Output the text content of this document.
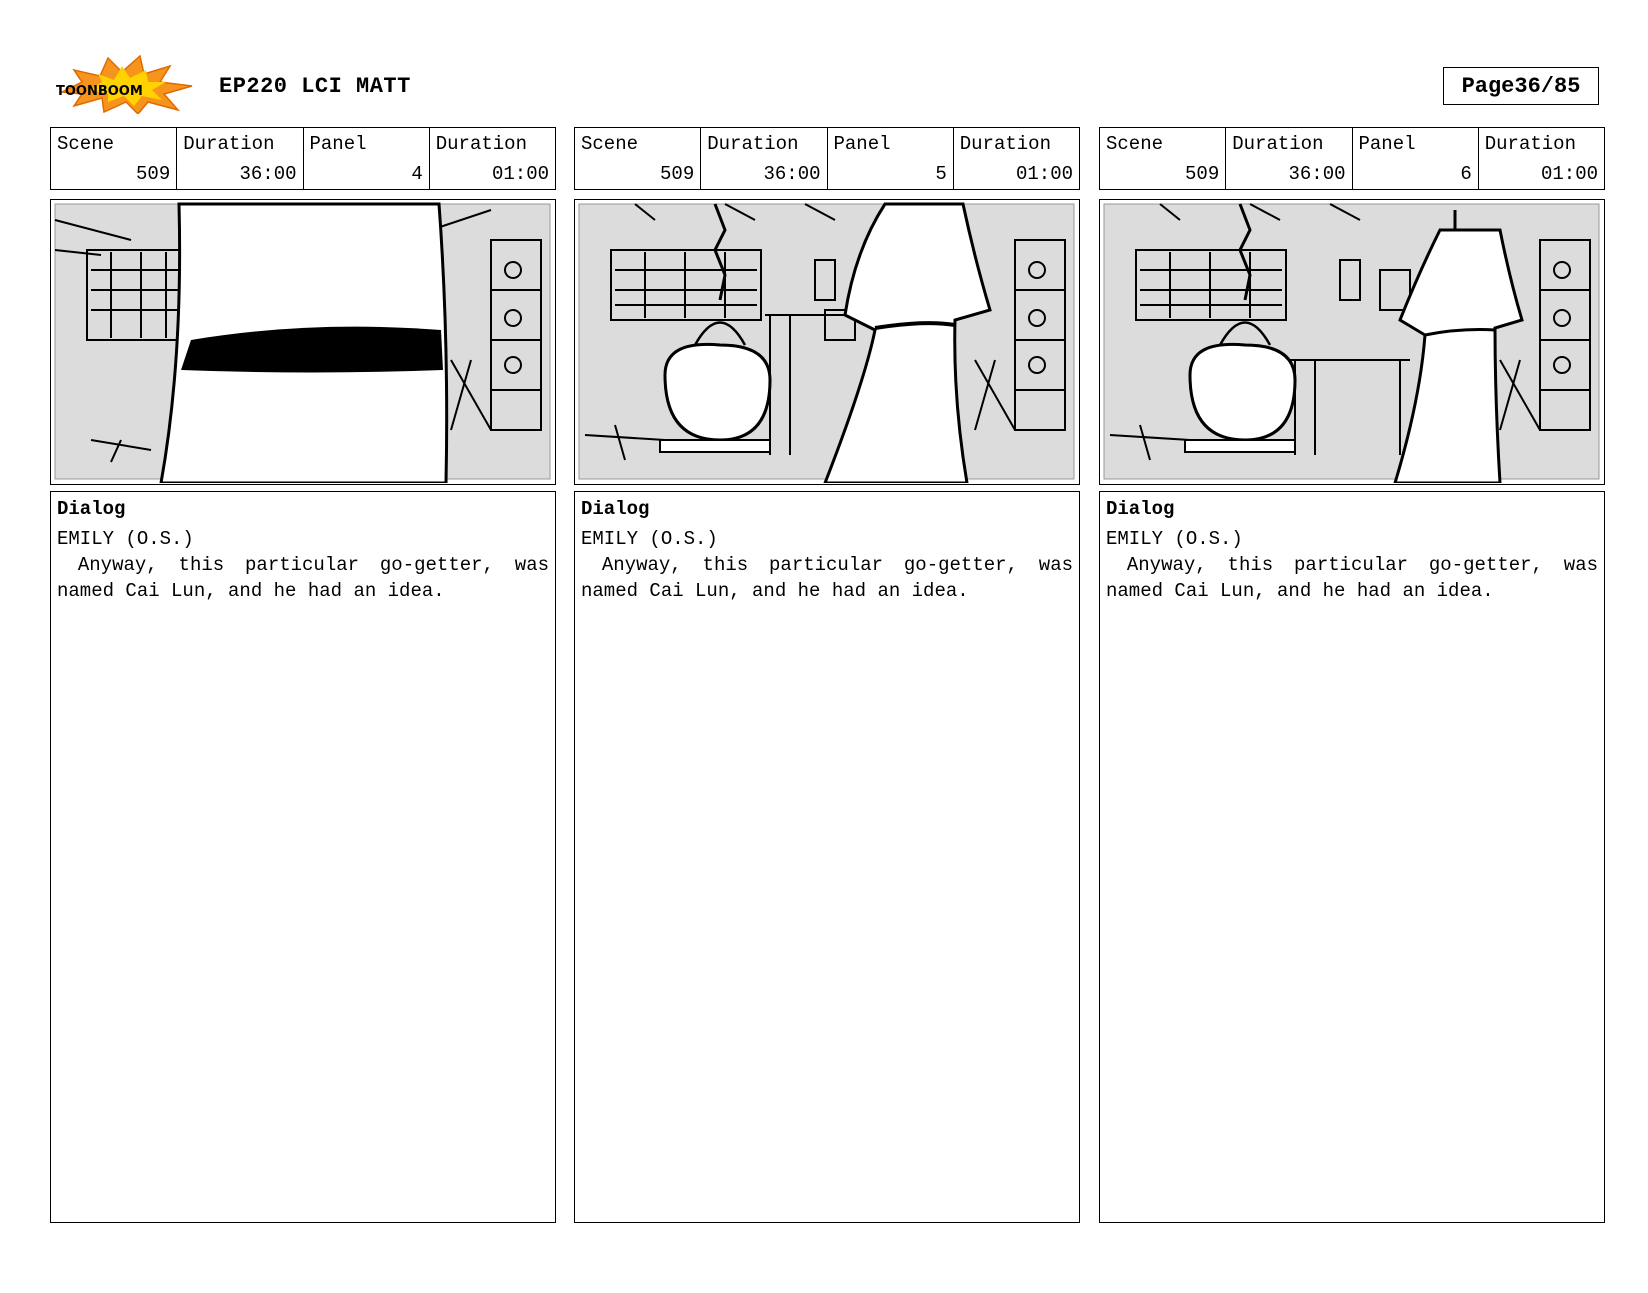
TOONBOOM	EP220 LCI MATT	Page 36/85
Scene
509
Duration
36:00
Panel
4
Duration
01:00
Dialog
EMILY (O.S.)
Anyway, this particular go-getter, was named Cai Lun, and he had an idea.
Scene
509
Duration
36:00
Panel
5
Duration
01:00
Dialog
EMILY (O.S.)
Anyway, this particular go-getter, was named Cai Lun, and he had an idea.
Scene
509
Duration
36:00
Panel
6
Duration
01:00
Dialog
EMILY (O.S.)
Anyway, this particular go-getter, was named Cai Lun, and he had an idea.
